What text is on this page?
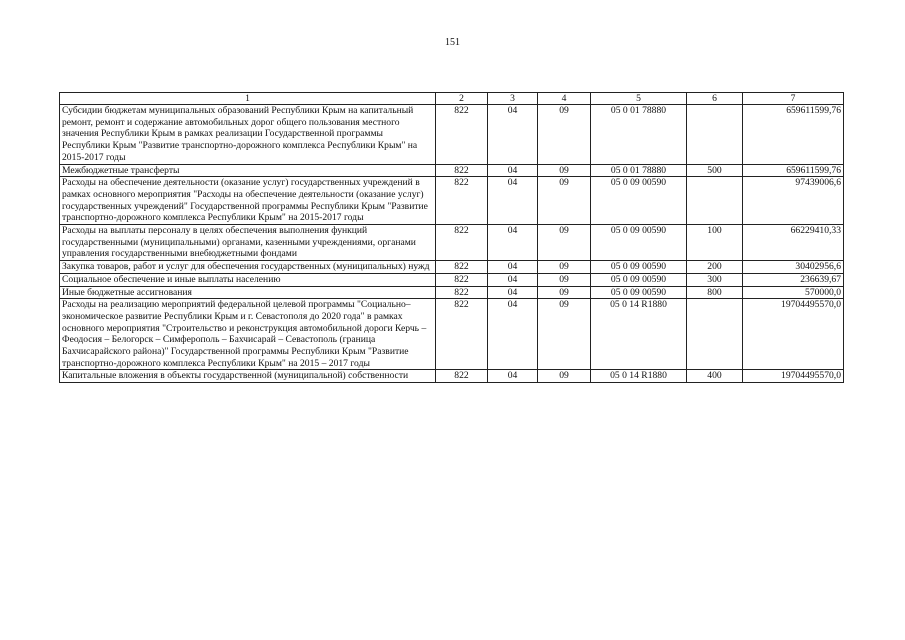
151
1	2	3	4	5	6	7
Субсидии бюджетам муниципальных образований Республики Крым на капитальный ремонт, ремонт и содержание автомобильных дорог общего пользования местного значения Республики Крым в рамках реализации Государственной программы Республики Крым "Развитие транспортно-дорожного комплекса Республики Крым" на 2015-2017 годы	822	04	09	05 0 01 78880		659611599,76
Межбюджетные трансферты	822	04	09	05 0 01 78880	500	659611599,76
Расходы на обеспечение деятельности (оказание услуг) государственных учреждений в рамках основного мероприятия "Расходы на обеспечение деятельности (оказание услуг) государственных учреждений" Государственной программы Республики Крым "Развитие транспортно-дорожного комплекса Республики Крым" на 2015-2017 годы	822	04	09	05 0 09 00590		97439006,6
Расходы на выплаты персоналу в целях обеспечения выполнения функций государственными (муниципальными) органами, казенными учреждениями, органами управления государственными внебюджетными фондами	822	04	09	05 0 09 00590	100	66229410,33
Закупка товаров, работ и услуг для обеспечения государственных (муниципальных) нужд	822	04	09	05 0 09 00590	200	30402956,6
Социальное обеспечение и иные выплаты населению	822	04	09	05 0 09 00590	300	236639,67
Иные бюджетные ассигнования	822	04	09	05 0 09 00590	800	570000,0
Расходы на реализацию мероприятий федеральной целевой программы "Социально–экономическое развитие Республики Крым и г. Севастополя до 2020 года" в рамках основного мероприятия "Строительство и реконструкция автомобильной дороги Керчь – Феодосия – Белогорск – Симферополь – Бахчисарай – Севастополь (граница Бахчисарайского района)" Государственной программы Республики Крым "Развитие транспортно-дорожного комплекса Республики Крым" на 2015 – 2017 годы	822	04	09	05 0 14 R1880		19704495570,0
Капитальные вложения в объекты государственной (муниципальной) собственности	822	04	09	05 0 14 R1880	400	19704495570,0
